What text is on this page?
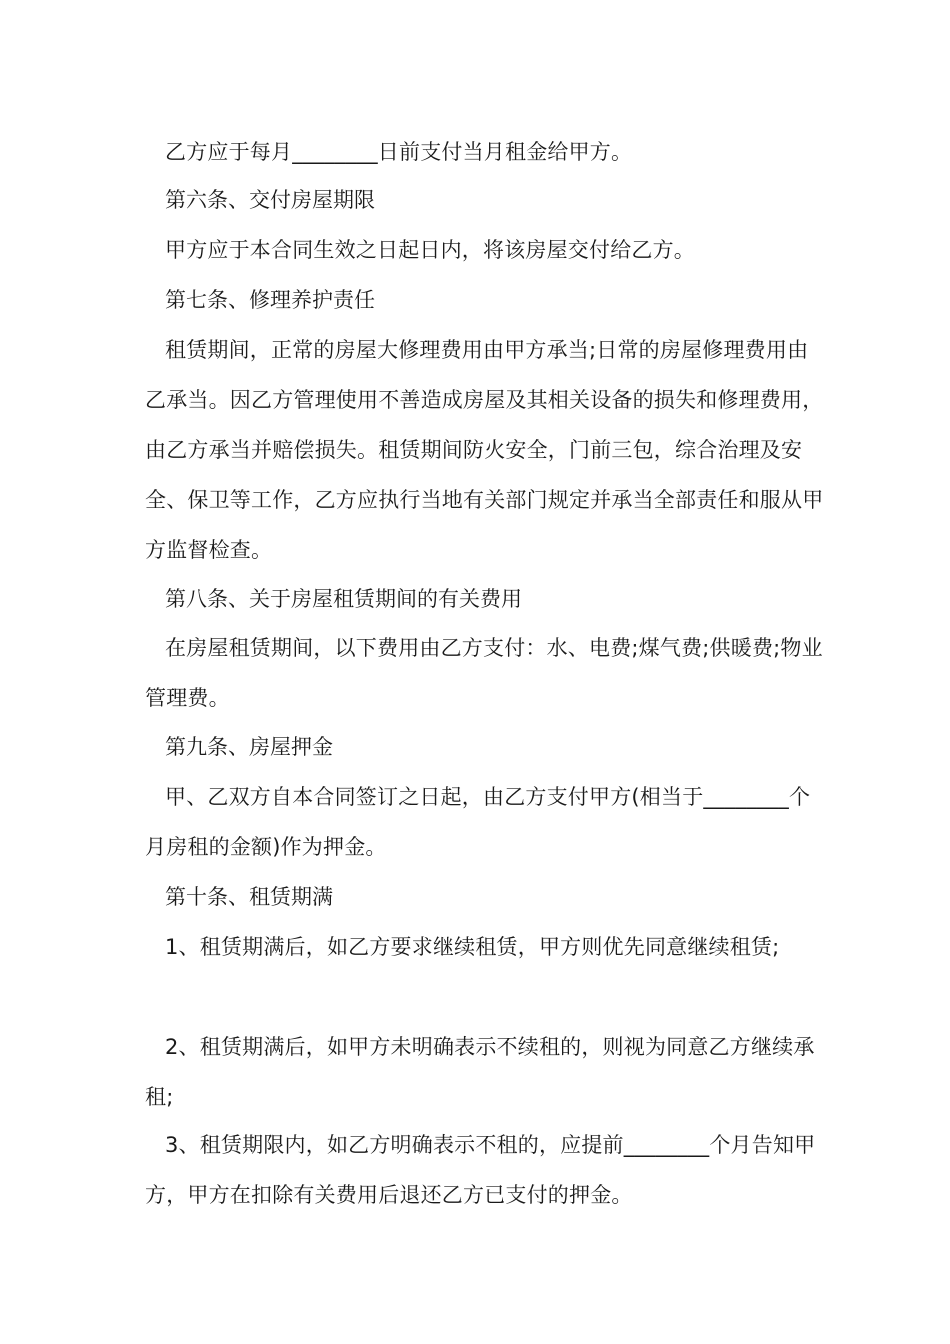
乙方应于每月________日前支付当月租金给甲方。

第六条、交付房屋期限

甲方应于本合同生效之日起日内，将该房屋交付给乙方。

第七条、修理养护责任

租赁期间，正常的房屋大修理费用由甲方承当;日常的房屋修理费用由乙承当。因乙方管理使用不善造成房屋及其相关设备的损失和修理费用，由乙方承当并赔偿损失。租赁期间防火安全，门前三包，综合治理及安全、保卫等工作，乙方应执行当地有关部门规定并承当全部责任和服从甲方监督检查。

第八条、关于房屋租赁期间的有关费用

在房屋租赁期间，以下费用由乙方支付：水、电费;煤气费;供暖费;物业管理费。

第九条、房屋押金

甲、乙双方自本合同签订之日起，由乙方支付甲方(相当于________个月房租的金额)作为押金。

第十条、租赁期满

1、租赁期满后，如乙方要求继续租赁，甲方则优先同意继续租赁;

2、租赁期满后，如甲方未明确表示不续租的，则视为同意乙方继续承租;

3、租赁期限内，如乙方明确表示不租的，应提前________个月告知甲方，甲方在扣除有关费用后退还乙方已支付的押金。
